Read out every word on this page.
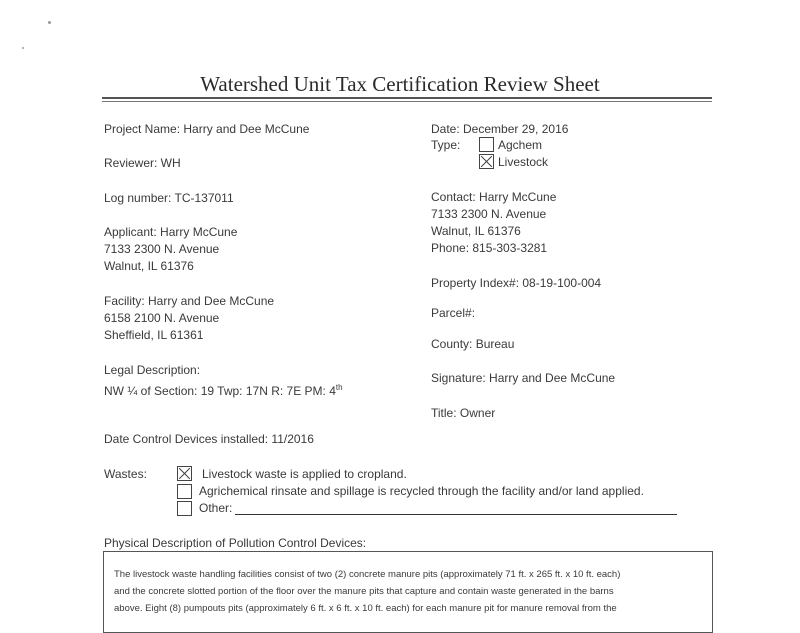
Watershed Unit Tax Certification Review Sheet
Project Name: Harry and Dee McCune
Reviewer: WH
Log number: TC-137011
Applicant: Harry McCune
7133 2300 N. Avenue
Walnut, IL 61376
Facility: Harry and Dee McCune
6158 2100 N. Avenue
Sheffield, IL 61361
Legal Description:
NW ¼ of Section: 19 Twp: 17N R: 7E PM: 4th
Date Control Devices installed: 11/2016
Date: December 29, 2016
Type:	Agchem
Livestock
Contact: Harry McCune
7133 2300 N. Avenue
Walnut, IL 61376
Phone: 815-303-3281
Property Index#: 08-19-100-004
Parcel#:
County: Bureau
Signature: Harry and Dee McCune
Title: Owner
Wastes:	Livestock waste is applied to cropland.
Agrichemical rinsate and spillage is recycled through the facility and/or land applied.
Other:
Physical Description of Pollution Control Devices:
The livestock waste handling facilities consist of two (2) concrete manure pits (approximately 71 ft. x 265 ft. x 10 ft. each)
and the concrete slotted portion of the floor over the manure pits that capture and contain waste generated in the barns
above. Eight (8) pumpouts pits (approximately 6 ft. x 6 ft. x 10 ft. each) for each manure pit for manure removal from the
